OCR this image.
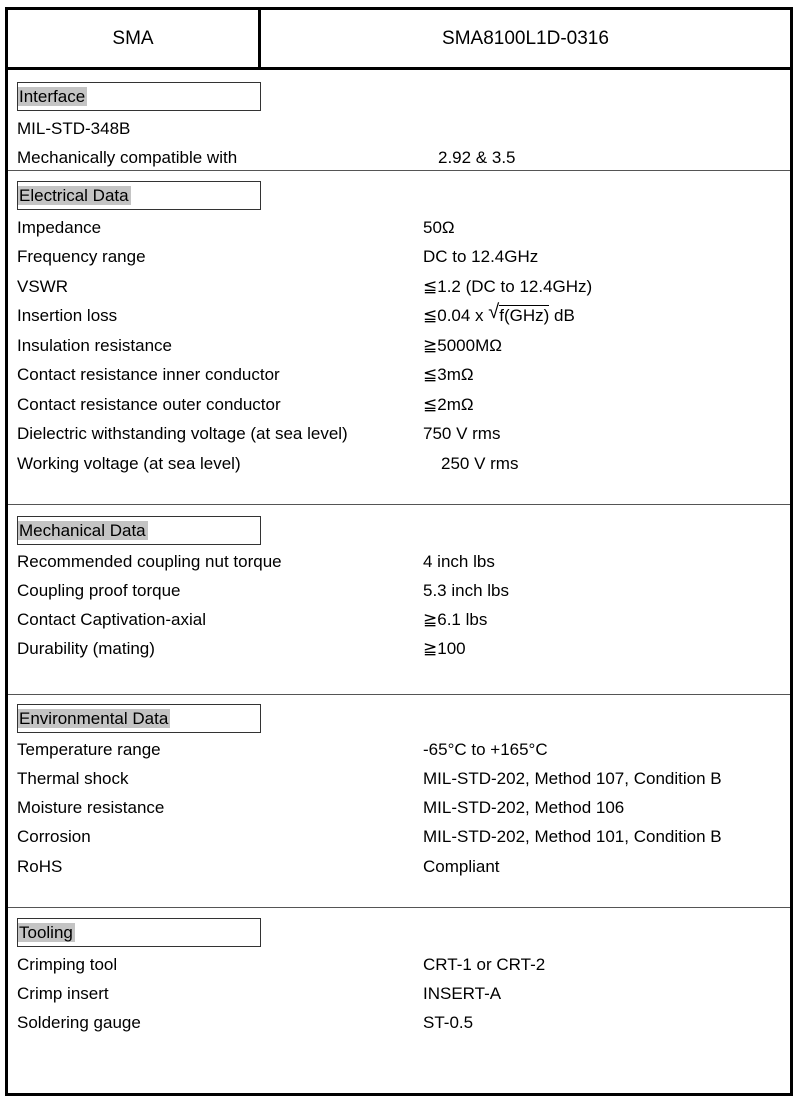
SMA	SMA8100L1D-0316
Interface
MIL-STD-348B
Mechanically compatible with	2.92 & 3.5
Electrical Data
Impedance	50Ω
Frequency range	DC to 12.4GHz
VSWR	≦1.2 (DC to 12.4GHz)
Insertion loss	≦0.04 x √ f(GHz) dB
Insulation resistance	≧5000MΩ
Contact resistance inner conductor	≦3mΩ
Contact resistance outer conductor	≦2mΩ
Dielectric withstanding voltage (at sea level)	750 V rms
Working voltage (at sea level)	250 V rms
Mechanical Data
Recommended coupling nut torque	4 inch lbs
Coupling proof torque	5.3 inch lbs
Contact Captivation-axial	≧6.1 lbs
Durability (mating)	≧100
Environmental Data
Temperature range	-65°C to +165°C
Thermal shock	MIL-STD-202, Method 107, Condition B
Moisture resistance	MIL-STD-202, Method 106
Corrosion	MIL-STD-202, Method 101, Condition B
RoHS	Compliant
Tooling
Crimping tool	CRT-1 or CRT-2
Crimp insert	INSERT-A
Soldering gauge	ST-0.5
